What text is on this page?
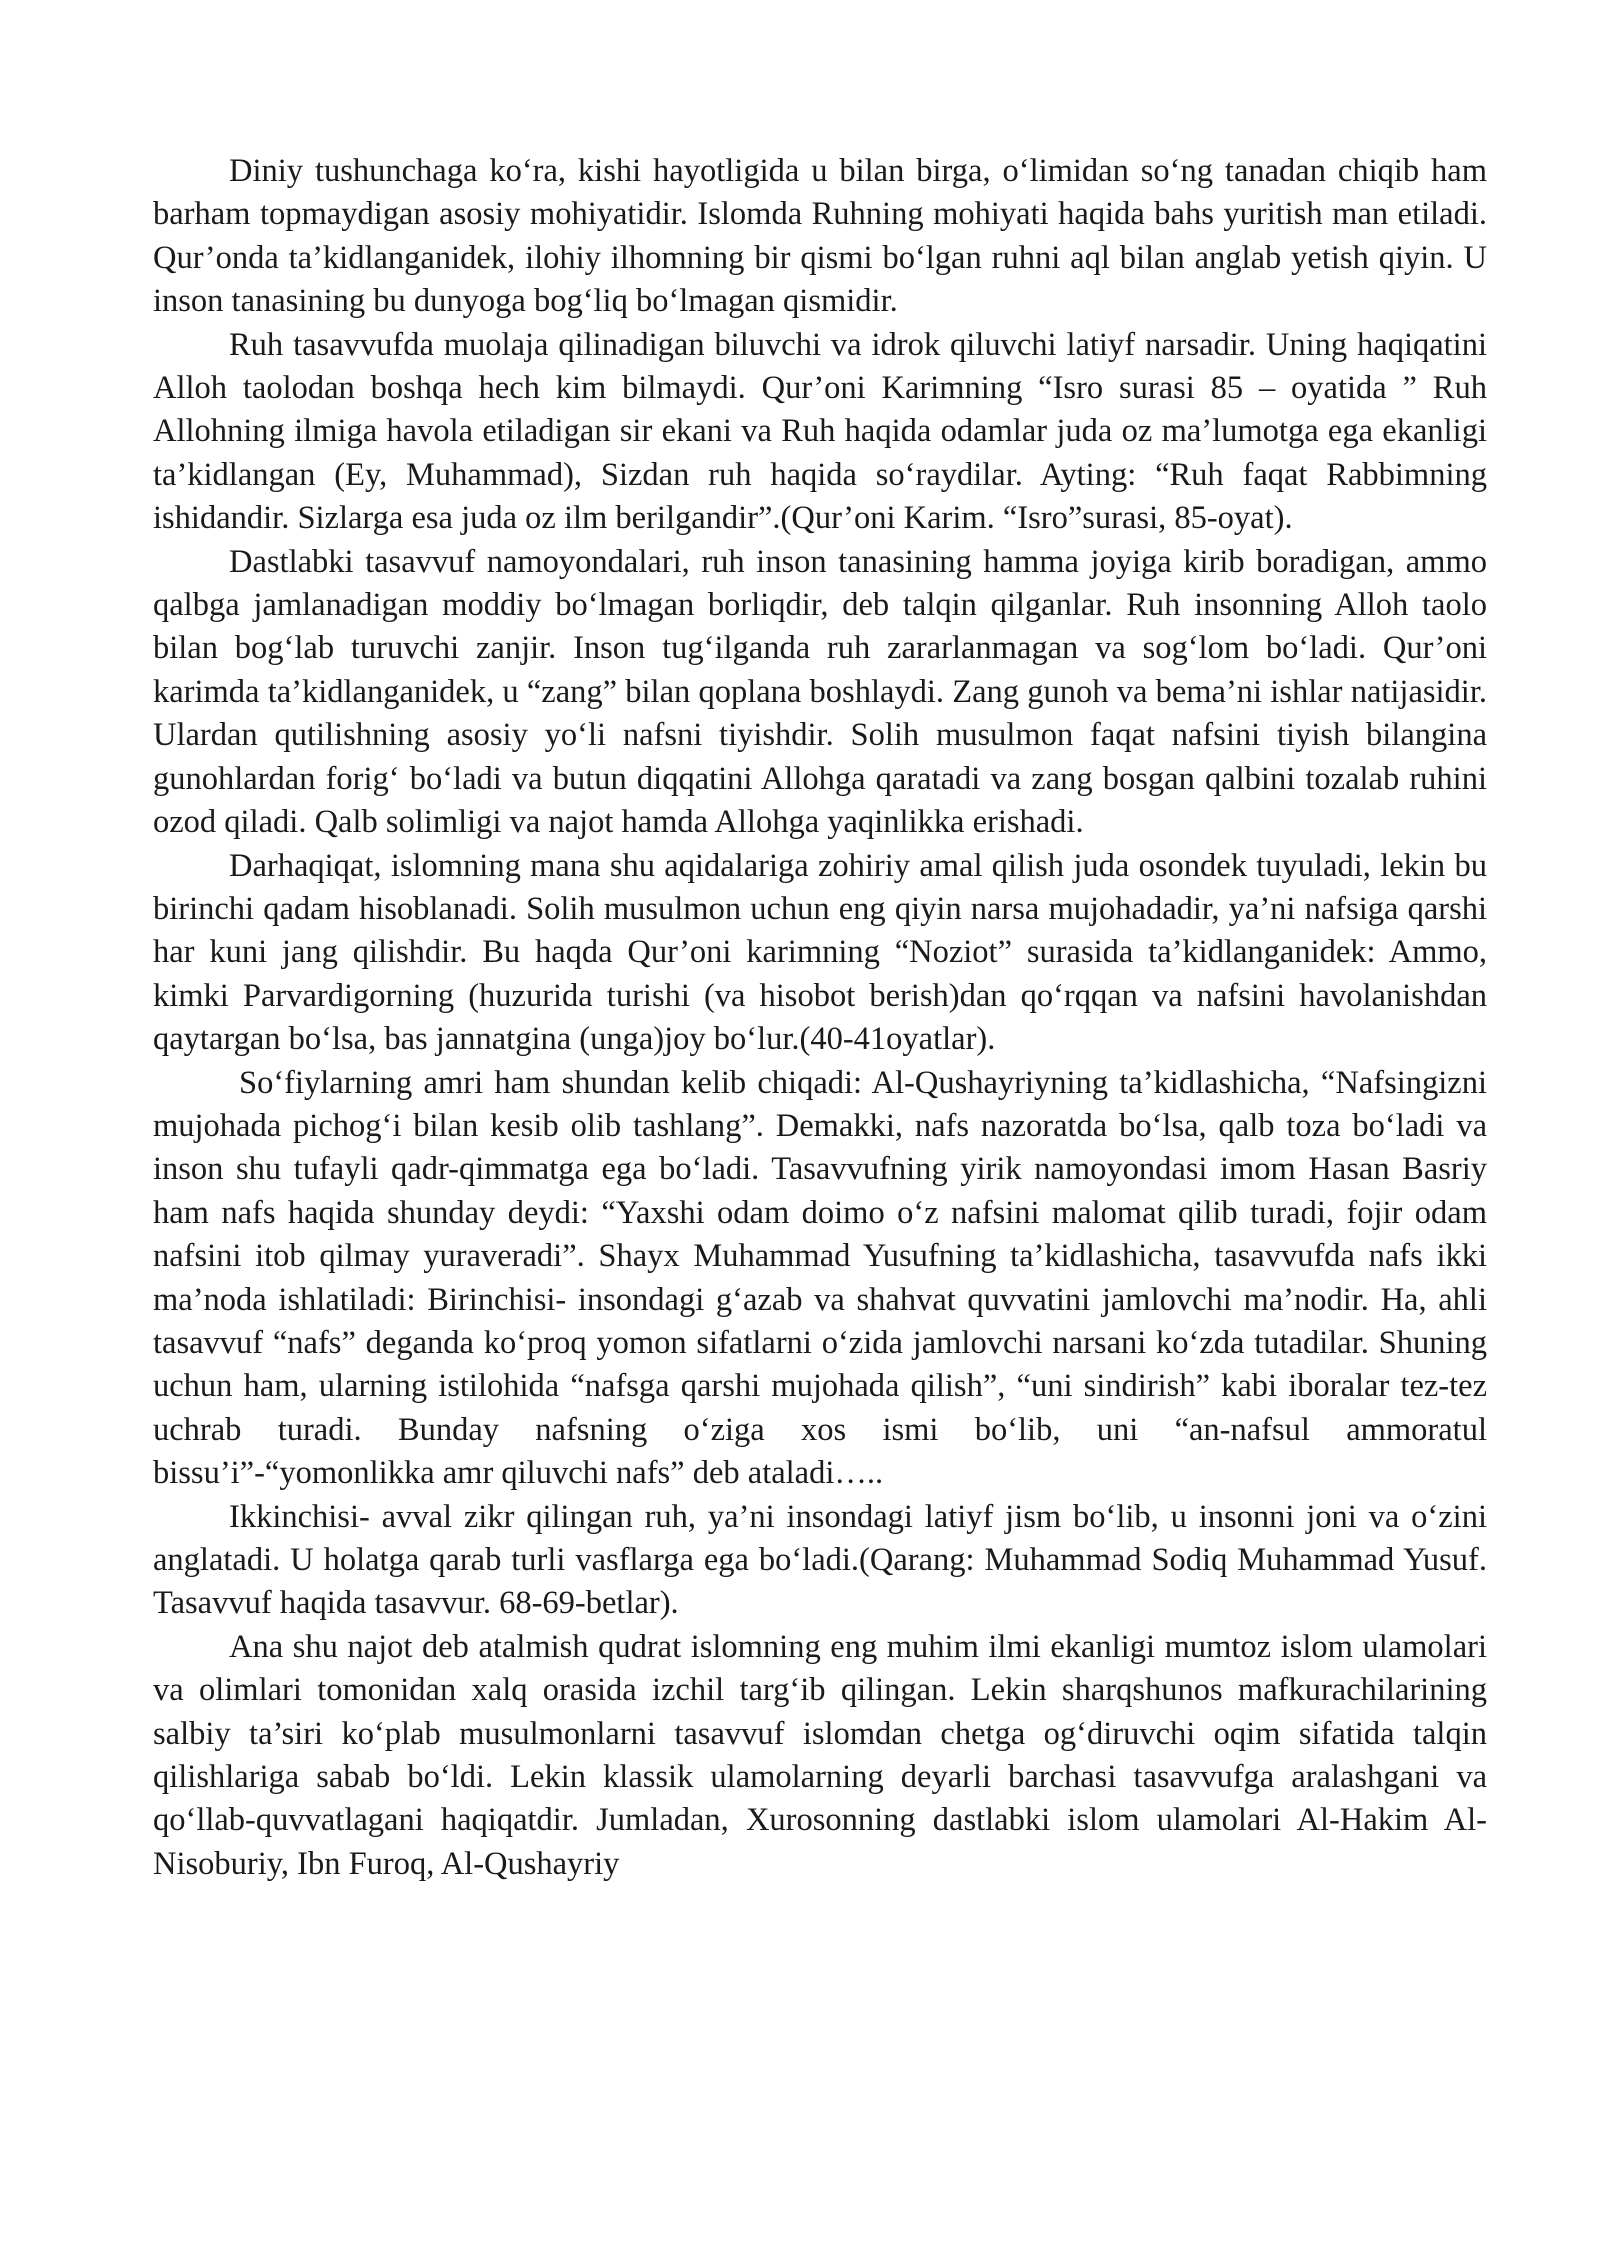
Diniy tushunchaga koʻra, kishi hayotligida u bilan birga, oʻlimidan soʻng tanadan chiqib ham barham topmaydigan asosiy mohiyatidir. Islomda Ruhning mohiyati haqida bahs yuritish man etiladi. Qur’onda ta’kidlanganidek, ilohiy ilhomning bir qismi boʻlgan ruhni aql bilan anglab yetish qiyin. U inson tanasining bu dunyoga bogʻliq boʻlmagan qismidir.

Ruh tasavvufda muolaja qilinadigan biluvchi va idrok qiluvchi latiyf narsadir. Uning haqiqatini Alloh taolodan boshqa hech kim bilmaydi. Qur’oni Karimning “Isro surasi 85 – oyatida ” Ruh Allohning ilmiga havola etiladigan sir ekani va Ruh haqida odamlar juda oz ma’lumotga ega ekanligi ta’kidlangan (Ey, Muhammad), Sizdan ruh haqida soʻraydilar. Ayting: “Ruh faqat Rabbimning ishidandir. Sizlarga esa juda oz ilm berilgandir”.(Qur’oni Karim. “Isro”surasi, 85-oyat).

Dastlabki tasavvuf namoyondalari, ruh inson tanasining hamma joyiga kirib boradigan, ammo qalbga jamlanadigan moddiy boʻlmagan borliqdir, deb talqin qilganlar. Ruh insonning Alloh taolo bilan bogʻlab turuvchi zanjir. Inson tugʻilganda ruh zararlanmagan va sogʻlom boʻladi. Qur’oni karimda ta’kidlanganidek, u “zang” bilan qoplana boshlaydi. Zang gunoh va bema’ni ishlar natijasidir. Ulardan qutilishning asosiy yoʻli nafsni tiyishdir. Solih musulmon faqat nafsini tiyish bilangina gunohlardan forigʻ boʻladi va butun diqqatini Allohga qaratadi va zang bosgan qalbini tozalab ruhini ozod qiladi. Qalb solimligi va najot hamda Allohga yaqinlikka erishadi.

Darhaqiqat, islomning mana shu aqidalariga zohiriy amal qilish juda osondek tuyuladi, lekin bu birinchi qadam hisoblanadi. Solih musulmon uchun eng qiyin narsa mujohadadir, ya’ni nafsiga qarshi har kuni jang qilishdir. Bu haqda Qur’oni karimning “Noziot” surasida ta’kidlanganidek: Ammo, kimki Parvardigorning (huzurida turishi (va hisobot berish)dan qoʻrqqan va nafsini havolanishdan qaytargan boʻlsa, bas jannatgina (unga)joy boʻlur.(40-41oyatlar).

Soʻfiylarning amri ham shundan kelib chiqadi: Al-Qushayriyning ta’kidlashicha, “Nafsingizni mujohada pichogʻi bilan kesib olib tashlang”. Demakki, nafs nazoratda boʻlsa, qalb toza boʻladi va inson shu tufayli qadr-qimmatga ega boʻladi. Tasavvufning yirik namoyondasi imom Hasan Basriy ham nafs haqida shunday deydi: “Yaxshi odam doimo oʻz nafsini malomat qilib turadi, fojir odam nafsini itob qilmay yuraveradi”. Shayx Muhammad Yusufning ta’kidlashicha, tasavvufda nafs ikki ma’noda ishlatiladi: Birinchisi- insondagi gʻazab va shahvat quvvatini jamlovchi ma’nodir. Ha, ahli tasavvuf “nafs” deganda koʻproq yomon sifatlarni oʻzida jamlovchi narsani koʻzda tutadilar. Shuning uchun ham, ularning istilohida “nafsga qarshi mujohada qilish”, “uni sindirish” kabi iboralar tez-tez uchrab turadi. Bunday nafsning oʻziga xos ismi boʻlib, uni “an-nafsul ammoratul bissu’i”-“yomonlikka amr qiluvchi nafs” deb ataladi…..

Ikkinchisi- avval zikr qilingan ruh, ya’ni insondagi latiyf jism boʻlib, u insonni joni va oʻzini anglatadi. U holatga qarab turli vasflarga ega boʻladi.(Qarang: Muhammad Sodiq Muhammad Yusuf. Tasavvuf haqida tasavvur. 68-69-betlar).

Ana shu najot deb atalmish qudrat islomning eng muhim ilmi ekanligi mumtoz islom ulamolari va olimlari tomonidan xalq orasida izchil targʻib qilingan. Lekin sharqshunos mafkurachilarining salbiy ta’siri koʻplab musulmonlarni tasavvuf islomdan chetga ogʻdiruvchi oqim sifatida talqin qilishlariga sabab boʻldi. Lekin klassik ulamolarning deyarli barchasi tasavvufga aralashgani va qoʻllab-quvvatlagani haqiqatdir. Jumladan, Xurosonning dastlabki islom ulamolari Al-Hakim Al-Nisoburiy, Ibn Furoq, Al-Qushayriy
